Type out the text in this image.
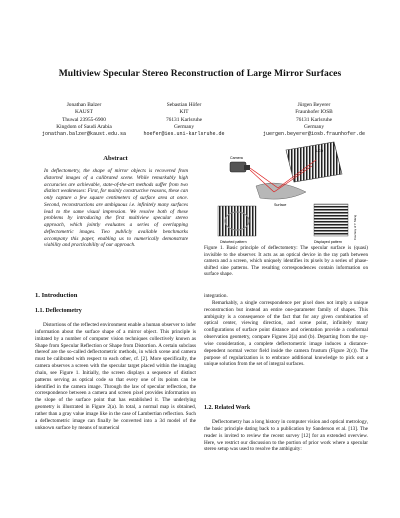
Multiview Specular Stereo Reconstruction of Large Mirror Surfaces
Jonathan Balzer
KAUST
Thuwal 23955-6900
Kingdom of Saudi Arabia
jonathan.balzer@kaust.edu.sa
Sebastian Höfer
KIT
76131 Karlsruhe
Germany
hoefer@ies.uni-karlsruhe.de
Jürgen Beyerer
Fraunhofer IOSB
76131 Karlsruhe
Germany
juergen.beyerer@iosb.fraunhofer.de
Abstract
In deflectometry, the shape of mirror objects is recovered from distorted images of a calibrated scene. While remarkably high accuracies are achievable, state-of-the-art methods suffer from two distinct weaknesses: First, for mainly constructive reasons, these can only capture a few square centimeters of surface area at once. Second, reconstructions are ambiguous i.e. infinitely many surfaces lead to the same visual impression. We resolve both of these problems by introducing the first multiview specular stereo approach, which jointly evaluates a series of overlapping deflectometric images. Two publicly available benchmarks accompany this paper, enabling us to numerically demonstrate viability and practicability of our approach.
1. Introduction
1.1. Deflectometry

Distortions of the reflected environment enable a human observer to infer information about the surface shape of a mirror object. This principle is imitated by a number of computer vision techniques collectively known as Shape from Specular Reflection or Shape from Distortion. A certain subclass thereof are the so-called deflectometric methods, in which scene and camera must be calibrated with respect to each other, cf. [2]. More specifically, the camera observes a screen with the specular target placed within the imaging chain, see Figure 1. Initially, the screen displays a sequence of distinct patterns serving as optical code so that every one of its points can be identified in the camera image. Through the law of specular reflection, the correspondence between a camera and screen pixel provides information on the slope of the surface point that has established it. The underlying geometry is illustrated in Figure 2(a). In total, a normal map is obtained, rather than a gray value image like in the case of Lambertian reflection. Such a deflectometric image can finally be converted into a 3d model of the unknown surface by means of numerical

LCD
Camera
Surface
Distorted pattern	Displayed pattern
Courtesy of Y. Mang
Figure 1. Basic principle of deflectometry: The specular surface is (quasi) invisible to the observer. It acts as an optical device in the ray path between camera and a screen, which uniquely identifies its pixels by a series of phase-shifted sine patterns. The resulting correspondences contain information on surface shape.

integration.

Remarkably, a single correspondence per pixel does not imply a unique reconstruction but instead an entire one-parameter family of shapes. This ambiguity is a consequence of the fact that for any given combination of optical center, viewing direction, and scene point, infinitely many configurations of surface point distance and orientation provide a conformal observation geometry, compare Figures 2(a) and (b). Departing from the ray-wise consideration, a complete deflectometric image induces a distance-dependent normal vector field inside the camera frustum (Figure 2(c)). The purpose of regularization is to embrace additional knowledge to pick out a unique solution from the set of integral surfaces.

1.2. Related Work

Deflectometry has a long history in computer vision and optical metrology, the basic principle dating back to a publication by Sanderson et al. [13]. The reader is invited to review the recent survey [12] for an extended overview. Here, we restrict our discussion to the portion of prior work where a specular stereo setup was used to resolve the ambiguity:
